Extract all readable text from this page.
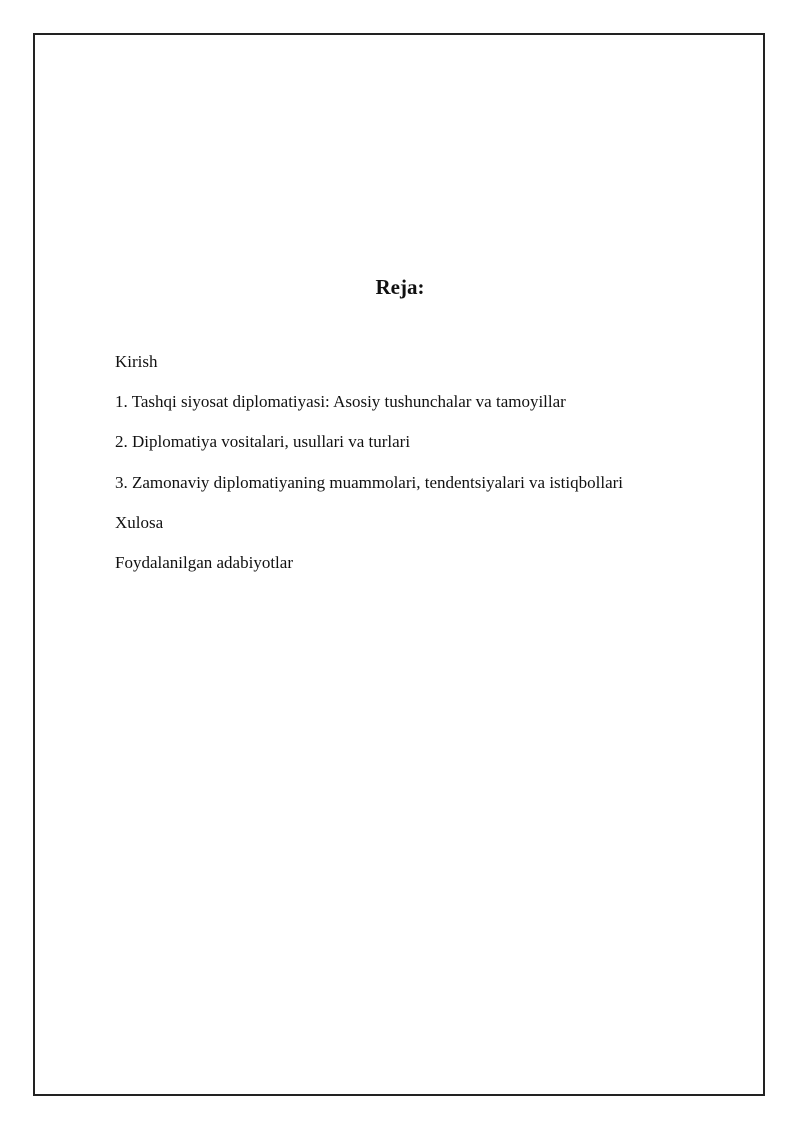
Reja:
Kirish
1. Tashqi siyosat diplomatiyasi: Asosiy tushunchalar va tamoyillar
2. Diplomatiya vositalari, usullari va turlari
3. Zamonaviy diplomatiyaning muammolari, tendentsiyalari va istiqbollari
Xulosa
Foydalanilgan adabiyotlar
